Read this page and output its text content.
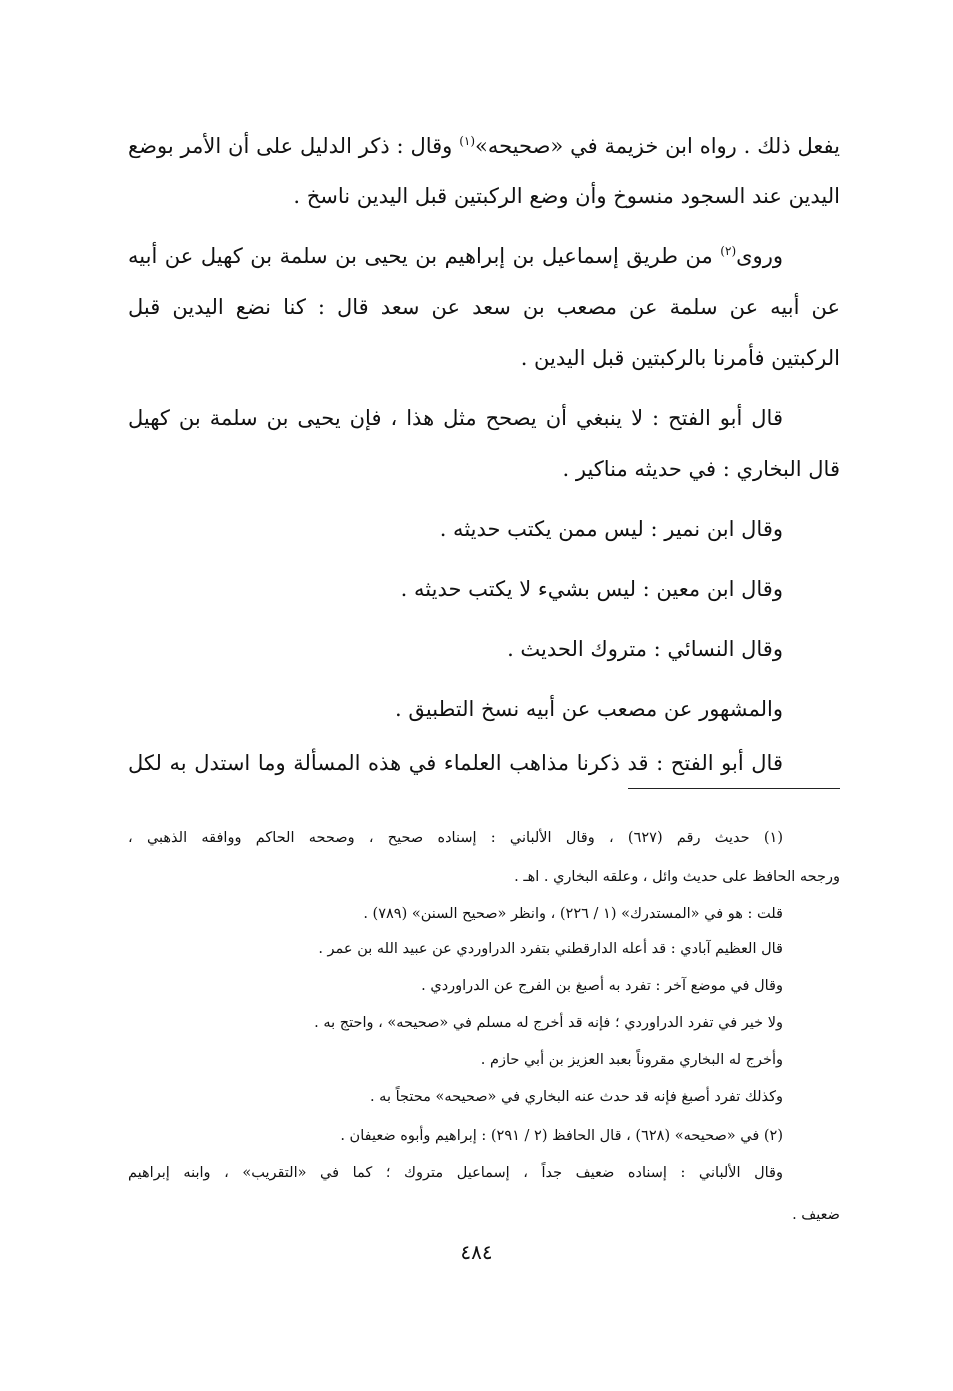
يفعل ذلك . رواه ابن خزيمة في «صحيحه»$^{(١)}$ وقال : ذكر الدليل على أن الأمر بوضع
اليدين عند السجود منسوخ وأن وضع الركبتين قبل اليدين ناسخ .
وروى$^{(٢)}$ من طريق إسماعيل بن إبراهيم بن يحيى بن سلمة بن كهيل عن أبيه
عن أبيه عن سلمة عن مصعب بن سعد عن سعد قال : كنا نضع اليدين قبل
الركبتين فأمرنا بالركبتين قبل اليدين .
قال أبو الفتح : لا ينبغي أن يصحح مثل هذا ، فإن يحيى بن سلمة بن كهيل
قال البخاري : في حديثه مناكير .
وقال ابن نمير : ليس ممن يكتب حديثه .
وقال ابن معين : ليس بشيء لا يكتب حديثه .
وقال النسائي : متروك الحديث .
والمشهور عن مصعب عن أبيه نسخ التطبيق .
قال أبو الفتح : قد ذكرنا مذاهب العلماء في هذه المسألة وما استدل به لكل
(١) حديث رقم (٦٢٧) ، وقال الألباني : إسناده صحيح ، وصححه الحاكم ووافقه الذهبي ،
ورجحه الحافظ على حديث وائل ، وعلقه البخاري . اهـ .
قلت : هو في «المستدرك» (١ / ٢٢٦) ، وانظر «صحيح السنن» (٧٨٩) .
قال العظيم آبادي : قد أعله الدارقطني بتفرد الدراوردي عن عبيد الله بن عمر .
وقال في موضع آخر : تفرد به أصبغ بن الفرج عن الدراوردي .
ولا خير في تفرد الدراوردي ؛ فإنه قد أخرج له مسلم في «صحيحه» ، واحتج به .
وأخرج له البخاري مقروناً بعبد العزيز بن أبي حازم .
وكذلك تفرد أصبغ فإنه قد حدث عنه البخاري في «صحيحه» محتجاً به .
(٢) في «صحيحه» (٦٢٨) ، قال الحافظ (٢ / ٢٩١) : إبراهيم وأبوه ضعيفان .
وقال الألباني : إسناده ضعيف جداً ، إسماعيل متروك ؛ كما في «التقريب» ، وابنه إبراهيم
ضعيف .
٤٨٤
